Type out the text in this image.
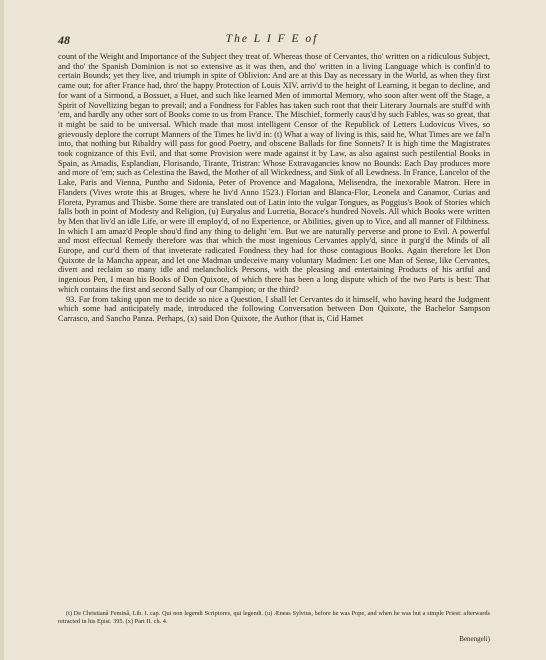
48	The L I F E of

count of the Weight and Importance of the Subject they treat of. Whereas those of Cervantes, tho' written on a ridiculous Subject, and tho' the Spanish Dominion is not so extensive as it was then, and tho' written in a living Language which is confin'd to certain Bounds; yet they live, and triumph in spite of Oblivion: And are at this Day as necessary in the World, as when they first came out; for after France had, thro' the happy Protection of Louis XIV. arriv'd to the height of Learning, it began to decline, and for want of a Sirmond, a Bossuet, a Huet, and such like learned Men of immortal Memory, who soon after went off the Stage, a Spirit of Novellizing began to prevail; and a Fondness for Fables has taken such root that their Literary Journals are stuff'd with 'em, and hardly any other sort of Books come to us from France. The Mischief, formerly caus'd by such Fables, was so great, that it might be said to be universal. Which made that most intelligent Censor of the Republick of Letters Ludovicus Vives, so grievously deplore the corrupt Manners of the Times he liv'd in: (t) What a way of living is this, said he, What Times are we fal'n into, that nothing but Ribaldry will pass for good Poetry, and obscene Ballads for fine Sonnets? It is high time the Magistrates took cognizance of this Evil, and that some Provision were made against it by Law, as also against such pestilential Books in Spain, as Amadis, Esplandian, Florisando, Tirante, Tristran: Whose Extravagancies know no Bounds: Each Day produces more and more of 'em; such as Celestina the Bawd, the Mother of all Wickedness, and Sink of all Lewdness. In France, Lancelot of the Lake, Paris and Vienna, Puntho and Sidonia, Peter of Provence and Magalona, Melisendra, the inexorable Matron. Here in Flanders (Vives wrote this at Bruges, where he liv'd Anno 1523.) Florian and Blanca-Flor, Leonela and Canamor, Curias and Floreta, Pyramus and Thisbe. Some there are translated out of Latin into the vulgar Tongues, as Poggius's Book of Stories which falls both in point of Modesty and Religion, (u) Euryalus and Lucretia, Bocace's hundred Novels. All which Books were written by Men that liv'd an idle Life, or were ill employ'd, of no Experience, or Abilities, given up to Vice, and all manner of Filthiness. In which I am amaz'd People shou'd find any thing to delight 'em. But we are naturally perverse and prone to Evil. A powerful and most effectual Remedy therefore was that which the most ingenious Cervantes apply'd, since it purg'd the Minds of all Europe, and cur'd them of that inveterate radicated Fondness they had for those contagious Books. Again therefore let Don Quixote de la Mancha appear, and let one Madman undeceive many voluntary Madmen: Let one Man of Sense, like Cervantes, divert and reclaim so many idle and melancholick Persons, with the pleasing and entertaining Products of his artful and ingenious Pen, I mean his Books of Don Quixote, of which there has been a long dispute which of the two Parts is best: That which contains the first and second Sally of our Champion; or the third?

93. Far from taking upon me to decide so nice a Question, I shall let Cervantes do it himself, who having heard the Judgment which some had anticipately made, introduced the following Conversation between Don Quixote, the Bachelor Sampson Carrasco, and Sancho Panza. Perhaps, (x) said Don Quixote, the Author (that is, Cid Hamet

(t) De Christianâ Feminâ, Lib. I. cap. Qui non legendi Scriptores, qui legendi. (u) Æneas Sylvius, before he was Pope, and when he was but a simple Priest: afterwards retracted in his Epist. 395. (x) Part II. ch. 4.

Benengeli)
